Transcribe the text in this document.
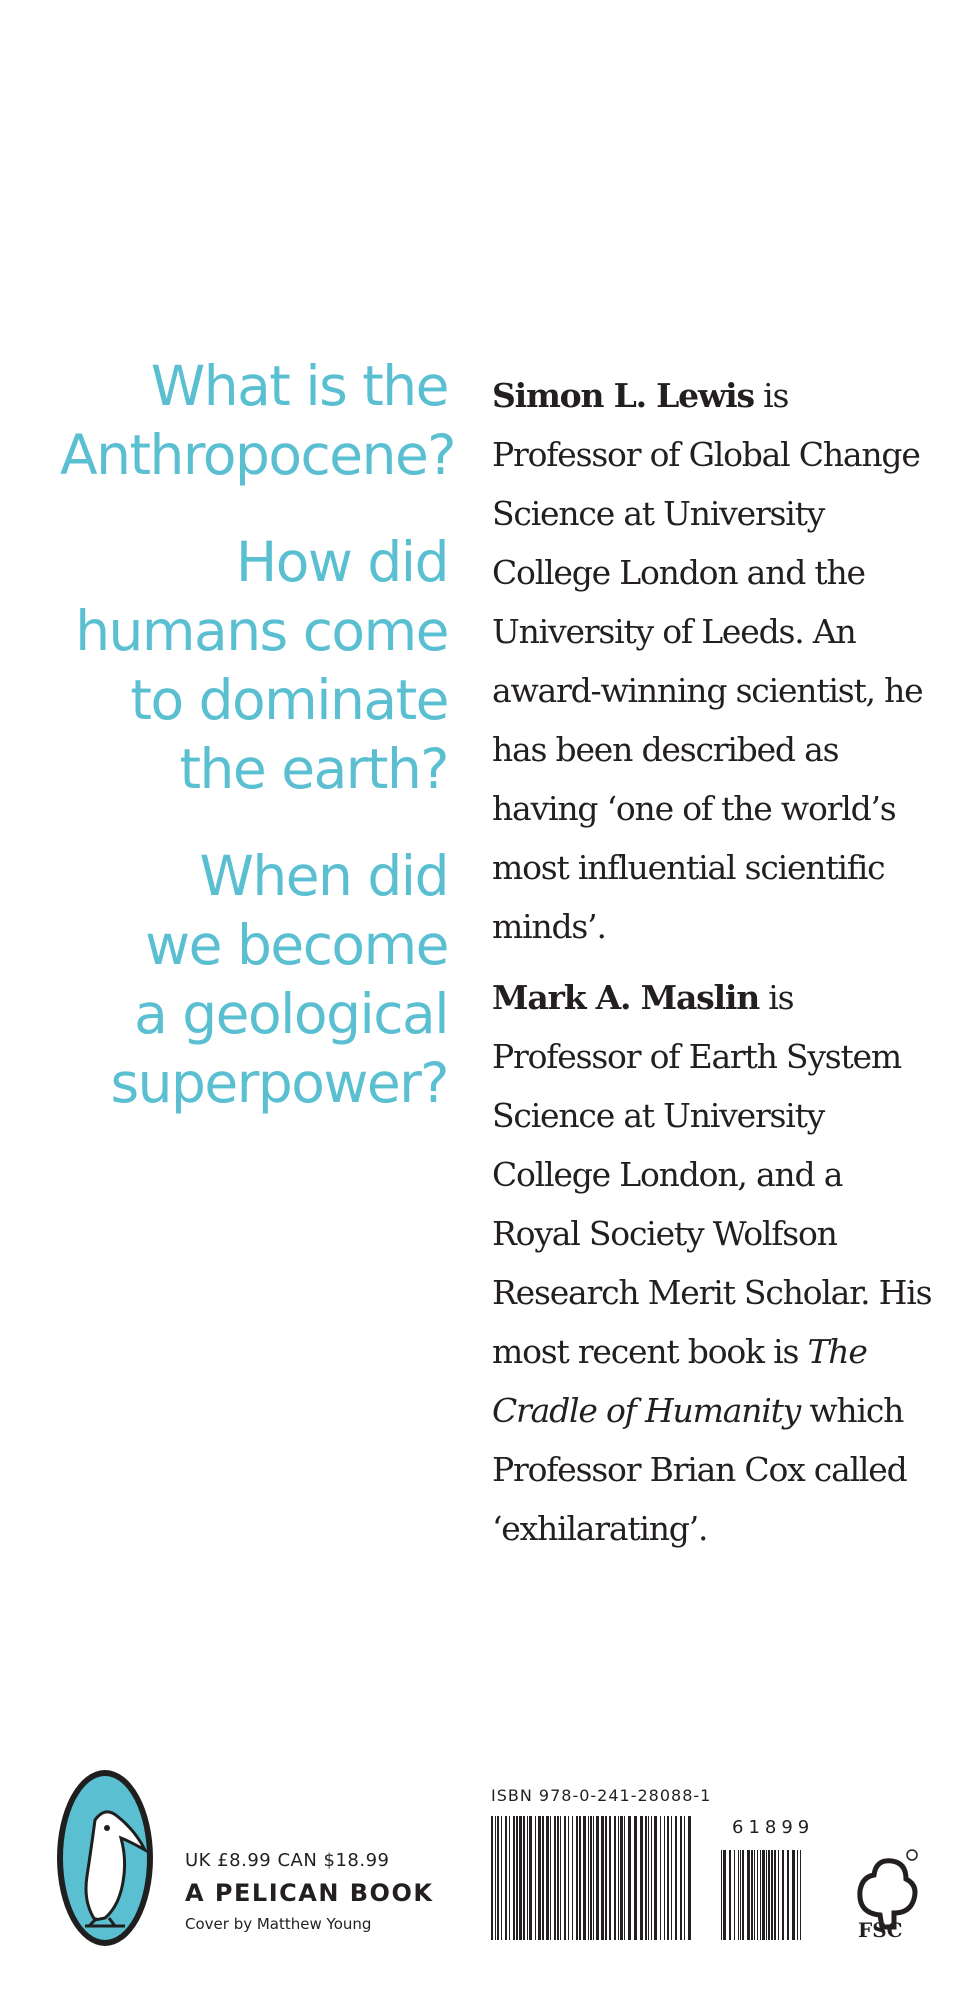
What is the
Anthropocene?
How did
humans come
to dominate
the earth?
When did
we become
a geological
superpower?

Simon L. Lewis is Professor of Global Change Science at University College London and the University of Leeds. An award-winning scientist, he has been described as having ‘one of the world’s most influential scientific minds’.

Mark A. Maslin is Professor of Earth System Science at University College London, and a Royal Society Wolfson Research Merit Scholar. His most recent book is The Cradle of Humanity which Professor Brian Cox called ‘exhilarating’.

UK £8.99 CAN $18.99
A PELICAN BOOK
Cover by Matthew Young
ISBN 978-0-241-28088-1
61899
FSC
